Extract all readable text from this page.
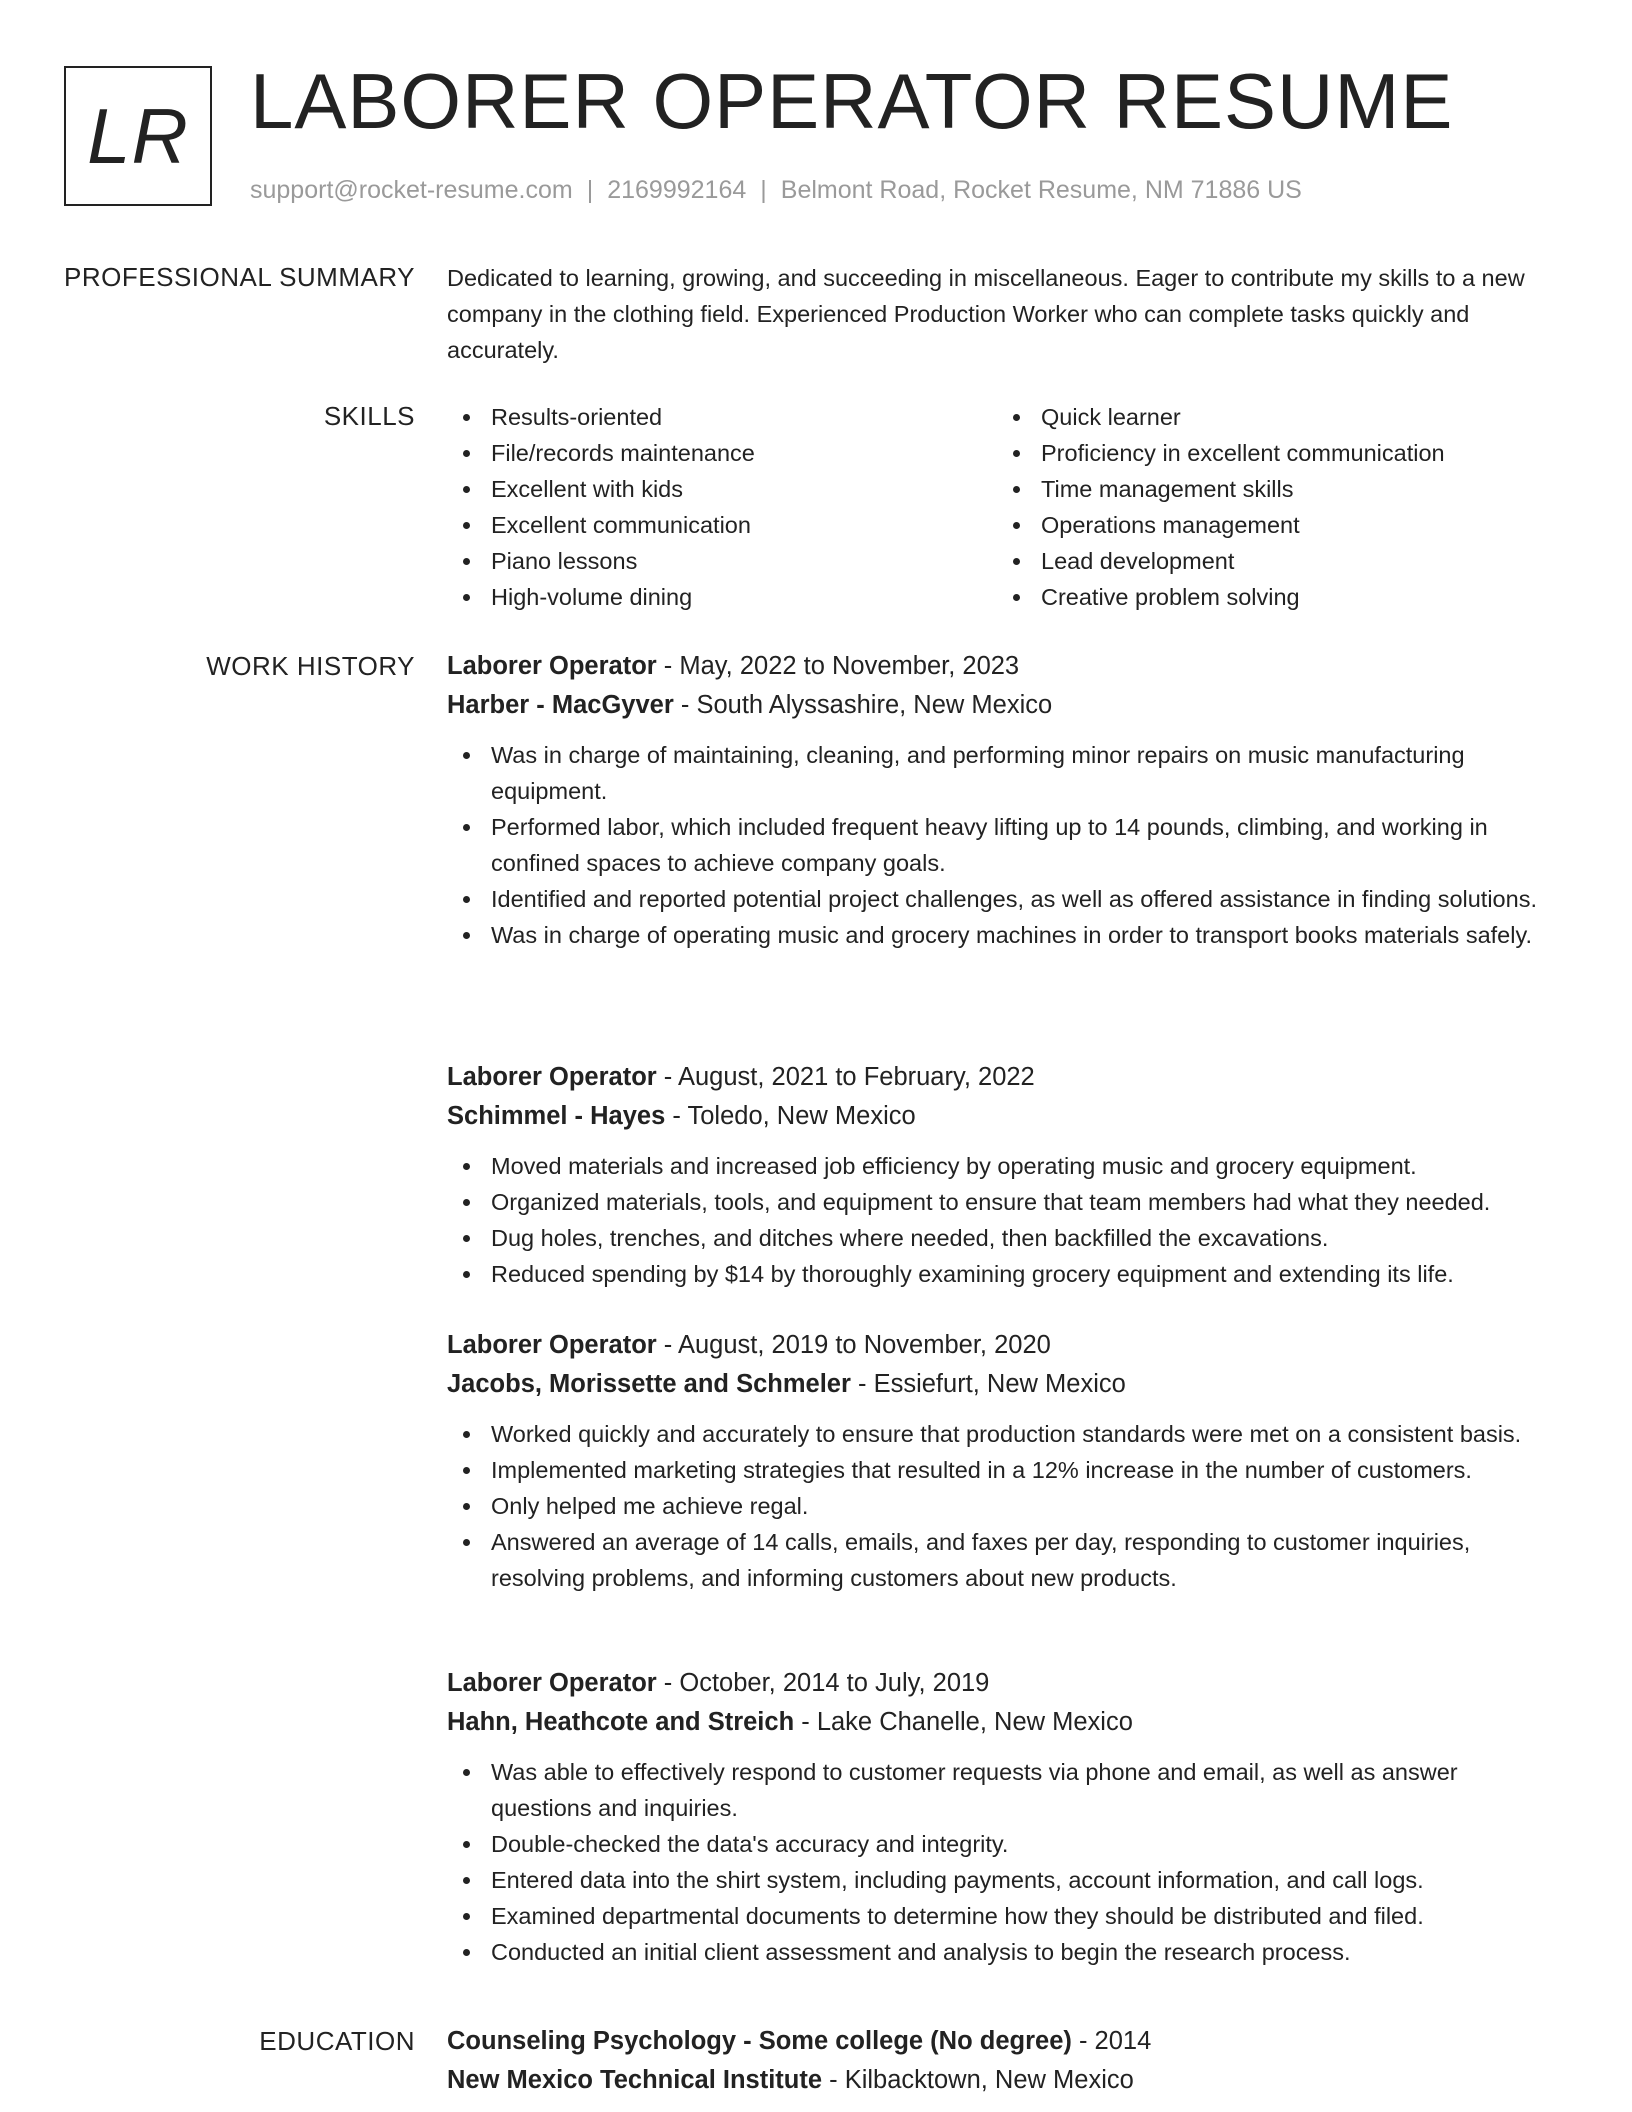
LR LABORER OPERATOR RESUME
support@rocket-resume.com | 2169992164 | Belmont Road, Rocket Resume, NM 71886 US
PROFESSIONAL SUMMARY Dedicated to learning, growing, and succeeding in miscellaneous. Eager to contribute my skills to a new company in the clothing field. Experienced Production Worker who can complete tasks quickly and accurately.

SKILLS	Results-oriented
File/records maintenance
Excellent with kids
Excellent communication
Piano lessons
High-volume dining
Quick learner
Proficiency in excellent communication
Time management skills
Operations management
Lead development
Creative problem solving
WORK HISTORY Laborer Operator - May, 2022 to November, 2023
Harber - MacGyver - South Alyssashire, New Mexico
Was in charge of maintaining, cleaning, and performing minor repairs on music manufacturing equipment.
Performed labor, which included frequent heavy lifting up to 14 pounds, climbing, and working in confined spaces to achieve company goals.
Identified and reported potential project challenges, as well as offered assistance in finding solutions.
Was in charge of operating music and grocery machines in order to transport books materials safely.
Laborer Operator - August, 2021 to February, 2022
Schimmel - Hayes - Toledo, New Mexico
Moved materials and increased job efficiency by operating music and grocery equipment.
Organized materials, tools, and equipment to ensure that team members had what they needed.
Dug holes, trenches, and ditches where needed, then backfilled the excavations.
Reduced spending by $14 by thoroughly examining grocery equipment and extending its life.
Laborer Operator - August, 2019 to November, 2020
Jacobs, Morissette and Schmeler - Essiefurt, New Mexico
Worked quickly and accurately to ensure that production standards were met on a consistent basis.
Implemented marketing strategies that resulted in a 12% increase in the number of customers.
Only helped me achieve regal.
Answered an average of 14 calls, emails, and faxes per day, responding to customer inquiries, resolving problems, and informing customers about new products.
Laborer Operator - October, 2014 to July, 2019
Hahn, Heathcote and Streich - Lake Chanelle, New Mexico
Was able to effectively respond to customer requests via phone and email, as well as answer questions and inquiries.
Double-checked the data's accuracy and integrity.
Entered data into the shirt system, including payments, account information, and call logs.
Examined departmental documents to determine how they should be distributed and filed.
Conducted an initial client assessment and analysis to begin the research process.
EDUCATION Counseling Psychology - Some college (No degree) - 2014
New Mexico Technical Institute - Kilbacktown, New Mexico
